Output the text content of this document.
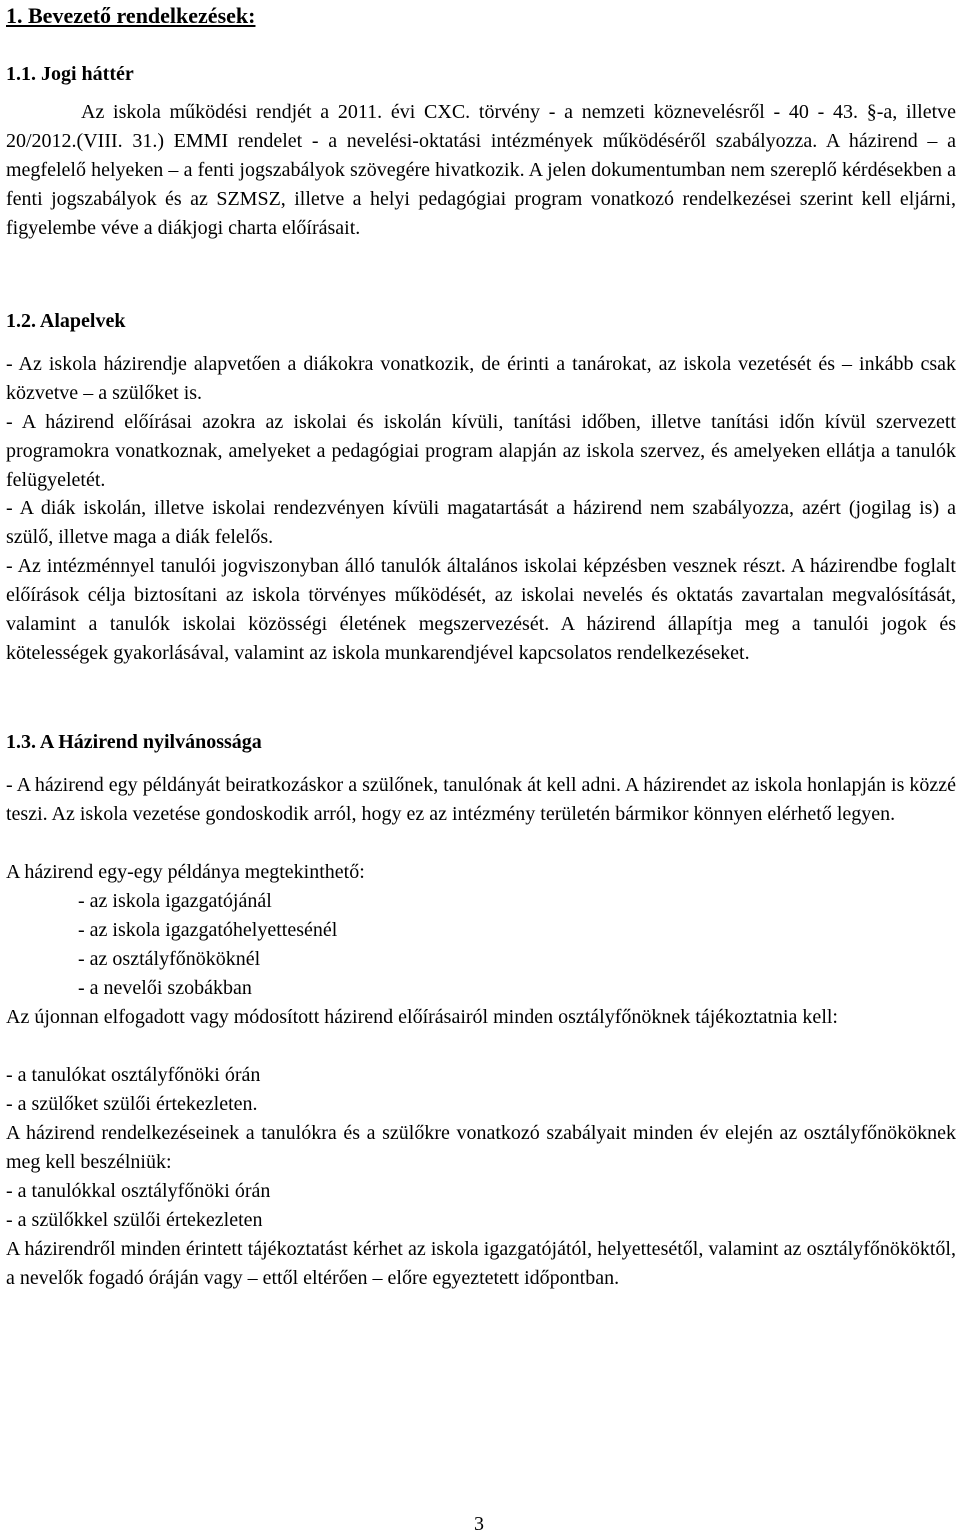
1. Bevezető rendelkezések:
1.1. Jogi háttér

Az iskola működési rendjét a 2011. évi CXC. törvény - a nemzeti köznevelésről - 40 - 43. §-a, illetve 20/2012.(VIII. 31.) EMMI rendelet - a nevelési-oktatási intézmények működéséről szabályozza. A házirend – a megfelelő helyeken – a fenti jogszabályok szövegére hivatkozik. A jelen dokumentumban nem szereplő kérdésekben a fenti jogszabályok és az SZMSZ, illetve a helyi pedagógiai program vonatkozó rendelkezései szerint kell eljárni, figyelembe véve a diákjogi charta előírásait.

1.2. Alapelvek

- Az iskola házirendje alapvetően a diákokra vonatkozik, de érinti a tanárokat, az iskola vezetését és – inkább csak közvetve – a szülőket is.

- A házirend előírásai azokra az iskolai és iskolán kívüli, tanítási időben, illetve tanítási időn kívül szervezett programokra vonatkoznak, amelyeket a pedagógiai program alapján az iskola szervez, és amelyeken ellátja a tanulók felügyeletét.

- A diák iskolán, illetve iskolai rendezvényen kívüli magatartását a házirend nem szabályozza, azért (jogilag is) a szülő, illetve maga a diák felelős.

- Az intézménnyel tanulói jogviszonyban álló tanulók általános iskolai képzésben vesznek részt. A házirendbe foglalt előírások célja biztosítani az iskola törvényes működését, az iskolai nevelés és oktatás zavartalan megvalósítását, valamint a tanulók iskolai közösségi életének megszervezését. A házirend állapítja meg a tanulói jogok és kötelességek gyakorlásával, valamint az iskola munkarendjével kapcsolatos rendelkezéseket.

1.3. A Házirend nyilvánossága

- A házirend egy példányát beiratkozáskor a szülőnek, tanulónak át kell adni. A házirendet az iskola honlapján is közzé teszi. Az iskola vezetése gondoskodik arról, hogy ez az intézmény területén bármikor könnyen elérhető legyen.

A házirend egy-egy példánya megtekinthető:
- az iskola igazgatójánál
- az iskola igazgatóhelyettesénél
- az osztályfőnököknél
- a nevelői szobákban

Az újonnan elfogadott vagy módosított házirend előírásairól minden osztályfőnöknek tájékoztatnia kell:

- a tanulókat osztályfőnöki órán
- a szülőket szülői értekezleten.

A házirend rendelkezéseinek a tanulókra és a szülőkre vonatkozó szabályait minden év elején az osztályfőnököknek meg kell beszélniük:

- a tanulókkal osztályfőnöki órán
- a szülőkkel szülői értekezleten

A házirendről minden érintett tájékoztatást kérhet az iskola igazgatójától, helyettesétől, valamint az osztályfőnököktől, a nevelők fogadó óráján vagy – ettől eltérően – előre egyeztetett időpontban.

3
